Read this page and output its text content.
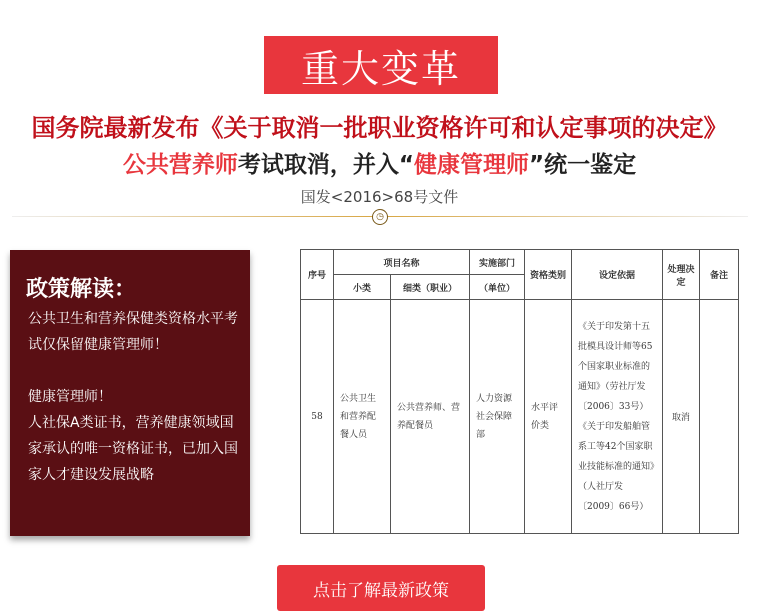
重大变革
国务院最新发布《关于取消一批职业资格许可和认定事项的决定》
公共营养师考试取消，并入“健康管理师”统一鉴定
国发<2016>68号文件
◷
政策解读：

公共卫生和营养保健类资格水平考试仅保留健康管理师！

健康管理师！

人社保A类证书，营养健康领域国家承认的唯一资格证书，已加入国家人才建设发展战略

序号	项目名称		实施部门	资格类别	设定依据	处理决定	备注
	小类	细类（职业）	（单位）				
58	公共卫生和营养配餐人员	公共营养师、营养配餐员	人力资源社会保障部	水平评价类	《关于印发第十五批模具设计师等65个国家职业标准的通知》（劳社厅发〔2006〕33号）《关于印发船舶管系工等42个国家职业技能标准的通知》（人社厅发〔2009〕66号）	取消	
点击了解最新政策
